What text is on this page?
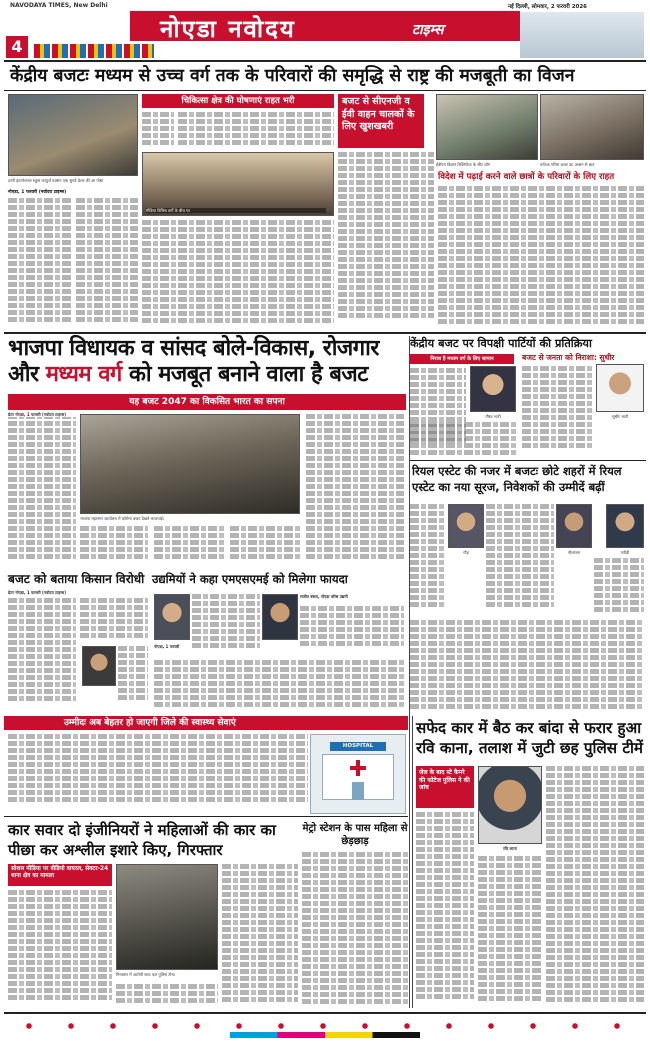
NAVODAYA TIMES, New Delhi	नई दिल्ली, सोमवार, 2 फरवरी 2026
4
नोएडा नवोदय	टाइम्स
केंद्रीय बजटः मध्यम से उच्च वर्ग तक के परिवारों की समृद्धि से राष्ट्र की मजबूती का विजन
ज्ञानी इंटरनेशनल स्कूल कायुर्ज एक्सप एक सुनवे प्रेशर की आ पोस्ट
नोएडा, 1 फरवरी (नवोदय टाइम्स)
चिकित्सा क्षेत्र की घोषणाएं राहत भरी
मीडिया विभिन्न वर्गों के बीच पर
बजट से सीएनजी व ईवी वाहन चालकों के लिए खुशखबरी
ईवीएम विद्यान रिक्तिफेज के सीट लोग	पर्यटक गरिमा बजट का आसन से बात
विदेश में पढ़ाई करने वाले छात्रों के परिवारों के लिए राहत
भाजपा विधायक व सांसद बोले-विकास, रोजगार
और मध्यम वर्ग को मजबूत बनाने वाला है बजट
यह बजट 2047 का विकसित भारत का सपना
ग्रेटर नोएडा, 1 फरवरी (नवोदय टाइम्स)
भाजपा महानगर कार्यालय में कोरोना बजट देखते भाजपाई।
केंद्रीय बजट पर विपक्षी पार्टियों की प्रतिक्रिया
निराश है मध्यम वर्ग के लिए सामान	बजट से जनता को निराशा: सुधीर
गौरव भाटी	सुधीर भाटी
रियल एस्टेट की नजर में बजटः छोटे शहरों में रियल एस्टेट का नया सूरज, निवेशकों की उम्मीदें बढ़ीं
गौड़	नीलांजन	एपीडी
बजट को बताया किसान विरोधी
ग्रेटर नोएडा, 1 फरवरी (नवोदय टाइम्स)
उद्यमियों ने कहा एमएसएमई को मिलेगा फायदा
राजीव बंसल, नोएडा वरिष्ठ उद्यमी
नोएडा, 1 फरवरी
उम्मीदः अब बेहतर हो जाएगी जिले की स्वास्थ्य सेवाएं
HOSPITAL
सफेद कार में बैठ कर बांदा से फरार हुआ रवि काना, तलाश में जुटी छह पुलिस टीमें
जेल के बाद स्टे कैमरे की फोटेज पुलिस ने की जांच
रवि काना
कार सवार दो इंजीनियरों ने महिलाओं की कार का पीछा कर अश्लील इशारे किए, गिरफ्तार
सोशल मीडिया पर वीडियो वायरल, सेक्टर-24 थाना क्षेत्र का मामला
गिरफ्तार में आरोपी साथ चल पुलिस टीम।
मेट्रो स्टेशन के पास महिला से छेड़छाड़
